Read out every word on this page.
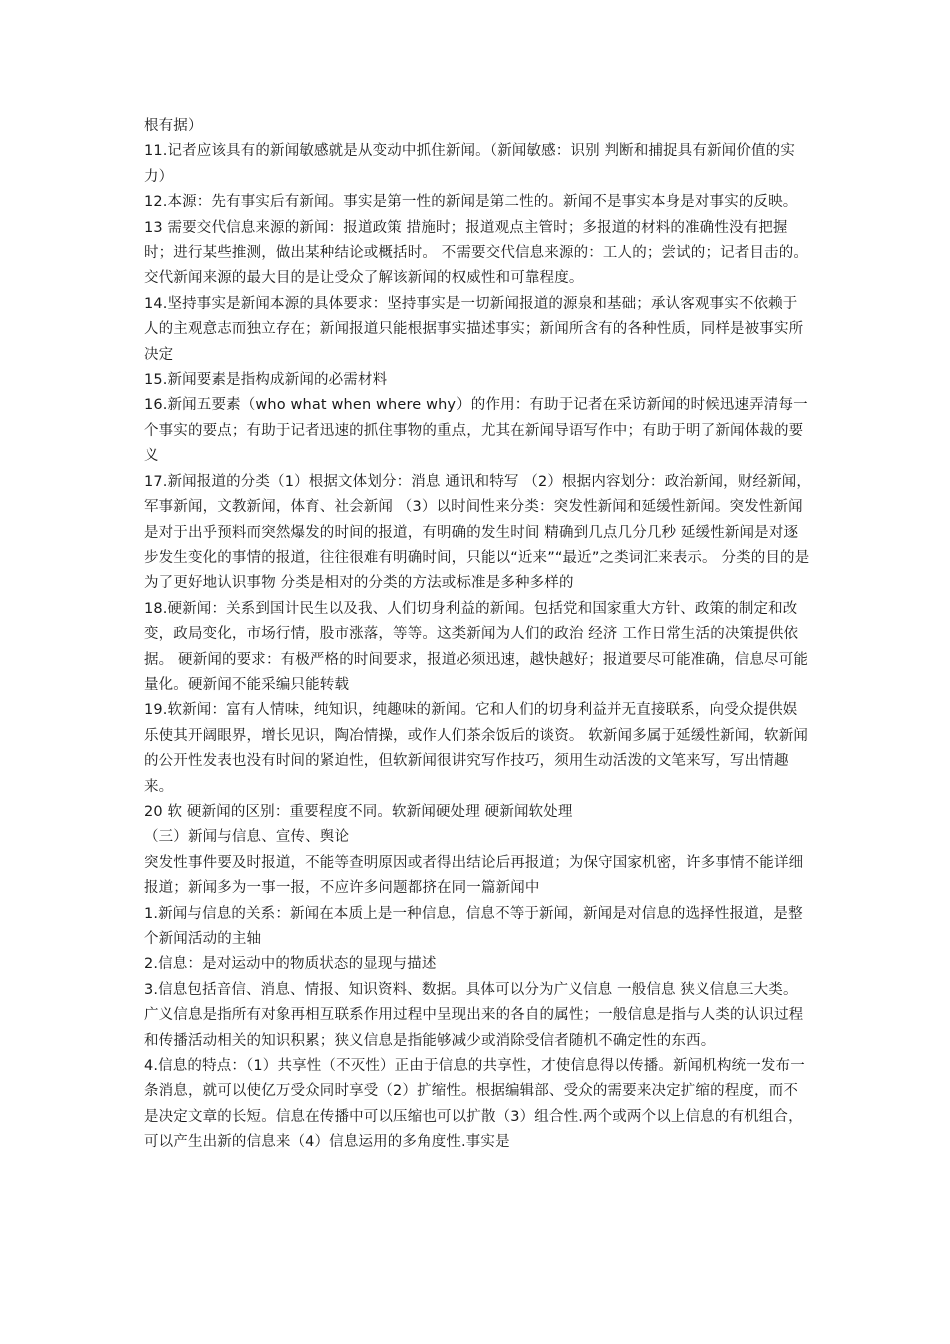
根有据）

11.记者应该具有的新闻敏感就是从变动中抓住新闻。（新闻敏感：识别 判断和捕捉具有新闻价值的实力）

12.本源：先有事实后有新闻。事实是第一性的新闻是第二性的。新闻不是事实本身是对事实的反映。

13 需要交代信息来源的新闻：报道政策 措施时；报道观点主管时；多报道的材料的准确性没有把握时；进行某些推测，做出某种结论或概括时。 不需要交代信息来源的：工人的；尝试的；记者目击的。交代新闻来源的最大目的是让受众了解该新闻的权威性和可靠程度。

14.坚持事实是新闻本源的具体要求：坚持事实是一切新闻报道的源泉和基础；承认客观事实不依赖于人的主观意志而独立存在；新闻报道只能根据事实描述事实；新闻所含有的各种性质，同样是被事实所决定

15.新闻要素是指构成新闻的必需材料

16.新闻五要素（who what when where why）的作用：有助于记者在采访新闻的时候迅速弄清每一个事实的要点；有助于记者迅速的抓住事物的重点，尤其在新闻导语写作中；有助于明了新闻体裁的要义

17.新闻报道的分类（1）根据文体划分：消息 通讯和特写 （2）根据内容划分：政治新闻，财经新闻，军事新闻，文教新闻，体育、社会新闻 （3）以时间性来分类：突发性新闻和延缓性新闻。突发性新闻是对于出乎预料而突然爆发的时间的报道，有明确的发生时间 精确到几点几分几秒 延缓性新闻是对逐步发生变化的事情的报道，往往很难有明确时间，只能以“近来”“最近”之类词汇来表示。 分类的目的是为了更好地认识事物 分类是相对的分类的方法或标准是多种多样的

18.硬新闻：关系到国计民生以及我、人们切身利益的新闻。包括党和国家重大方针、政策的制定和改变，政局变化，市场行情，股市涨落，等等。这类新闻为人们的政治 经济 工作日常生活的决策提供依据。 硬新闻的要求：有极严格的时间要求，报道必须迅速，越快越好；报道要尽可能准确，信息尽可能量化。硬新闻不能采编只能转载

19.软新闻：富有人情味，纯知识，纯趣味的新闻。它和人们的切身利益并无直接联系，向受众提供娱乐使其开阔眼界，增长见识，陶冶情操，或作人们茶余饭后的谈资。 软新闻多属于延缓性新闻，软新闻的公开性发表也没有时间的紧迫性，但软新闻很讲究写作技巧，须用生动活泼的文笔来写，写出情趣来。

20 软 硬新闻的区别：重要程度不同。软新闻硬处理 硬新闻软处理

（三）新闻与信息、宣传、舆论

突发性事件要及时报道，不能等查明原因或者得出结论后再报道；为保守国家机密，许多事情不能详细报道；新闻多为一事一报，不应许多问题都挤在同一篇新闻中

1.新闻与信息的关系：新闻在本质上是一种信息，信息不等于新闻，新闻是对信息的选择性报道，是整个新闻活动的主轴

2.信息：是对运动中的物质状态的显现与描述

3.信息包括音信、消息、情报、知识资料、数据。具体可以分为广义信息 一般信息 狭义信息三大类。广义信息是指所有对象再相互联系作用过程中呈现出来的各自的属性；一般信息是指与人类的认识过程和传播活动相关的知识积累；狭义信息是指能够减少或消除受信者随机不确定性的东西。

4.信息的特点：（1）共享性（不灭性）正由于信息的共享性，才使信息得以传播。新闻机构统一发布一条消息，就可以使亿万受众同时享受（2）扩缩性。根据编辑部、受众的需要来决定扩缩的程度，而不是决定文章的长短。信息在传播中可以压缩也可以扩散（3）组合性.两个或两个以上信息的有机组合，可以产生出新的信息来（4）信息运用的多角度性.事实是
